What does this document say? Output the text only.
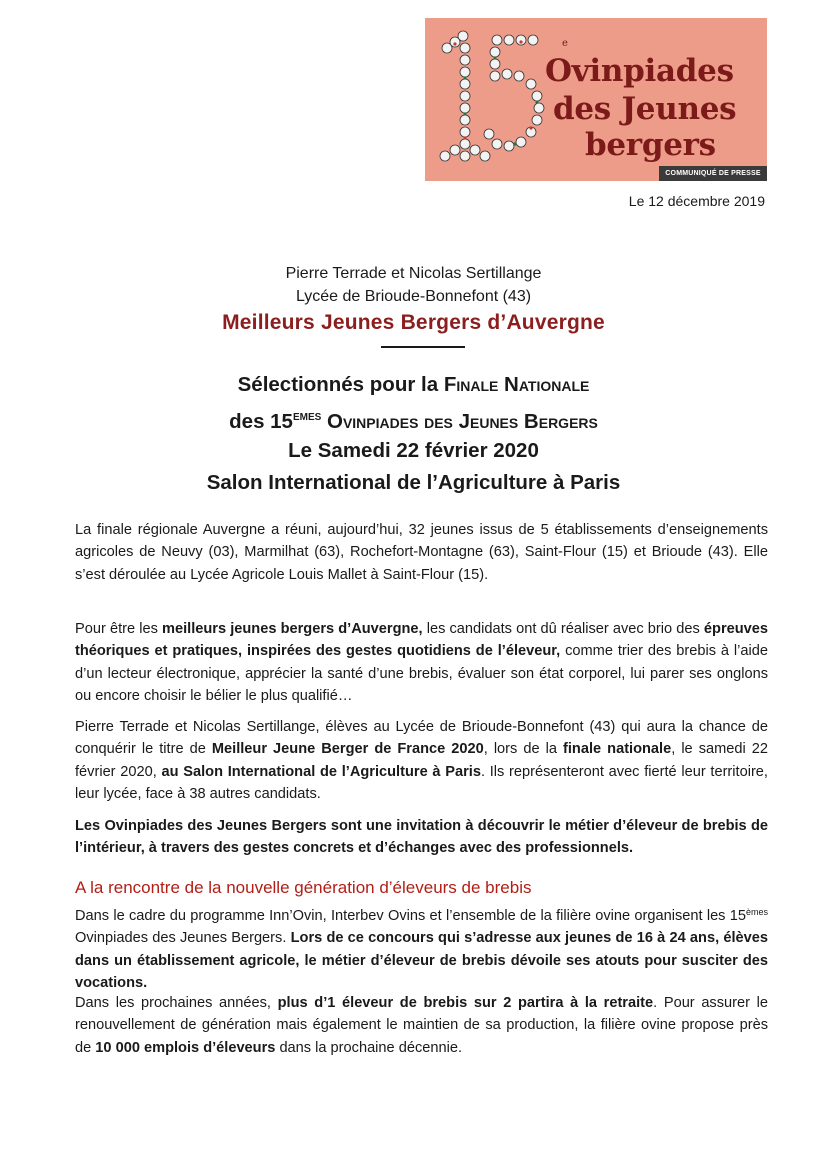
e
Ovinpiades
des Jeunes
bergers
COMMUNIQUÉ DE PRESSE
Le 12 décembre 2019
Pierre Terrade et Nicolas Sertillange
Lycée de Brioude-Bonnefont (43)
Meilleurs Jeunes Bergers d’Auvergne
Sélectionnés pour la Finale Nationale
des 15EMES Ovinpiades des Jeunes Bergers
Le Samedi 22 février 2020
Salon International de l’Agriculture à Paris
La finale régionale Auvergne a réuni, aujourd’hui, 32 jeunes issus de 5 établissements d’enseignements agricoles de Neuvy (03), Marmilhat (63), Rochefort-Montagne (63), Saint-Flour (15) et Brioude (43). Elle s’est déroulée au Lycée Agricole Louis Mallet à Saint-Flour (15).
Pour être les meilleurs jeunes bergers d’Auvergne, les candidats ont dû réaliser avec brio des épreuves théoriques et pratiques, inspirées des gestes quotidiens de l’éleveur, comme trier des brebis à l’aide d’un lecteur électronique, apprécier la santé d’une brebis, évaluer son état corporel, lui parer ses onglons ou encore choisir le bélier le plus qualifié…
Pierre Terrade et Nicolas Sertillange, élèves au Lycée de Brioude-Bonnefont (43) qui aura la chance de conquérir le titre de Meilleur Jeune Berger de France 2020, lors de la finale nationale, le samedi 22 février 2020, au Salon International de l’Agriculture à Paris. Ils représenteront avec fierté leur territoire, leur lycée, face à 38 autres candidats.
Les Ovinpiades des Jeunes Bergers sont une invitation à découvrir le métier d’éleveur de brebis de l’intérieur, à travers des gestes concrets et d’échanges avec des professionnels.
A la rencontre de la nouvelle génération d’éleveurs de brebis
Dans le cadre du programme Inn’Ovin, Interbev Ovins et l’ensemble de la filière ovine organisent les 15èmes Ovinpiades des Jeunes Bergers. Lors de ce concours qui s’adresse aux jeunes de 16 à 24 ans, élèves dans un établissement agricole, le métier d’éleveur de brebis dévoile ses atouts pour susciter des vocations.
Dans les prochaines années, plus d’1 éleveur de brebis sur 2 partira à la retraite. Pour assurer le renouvellement de génération mais également le maintien de sa production, la filière ovine propose près de 10 000 emplois d’éleveurs dans la prochaine décennie.
